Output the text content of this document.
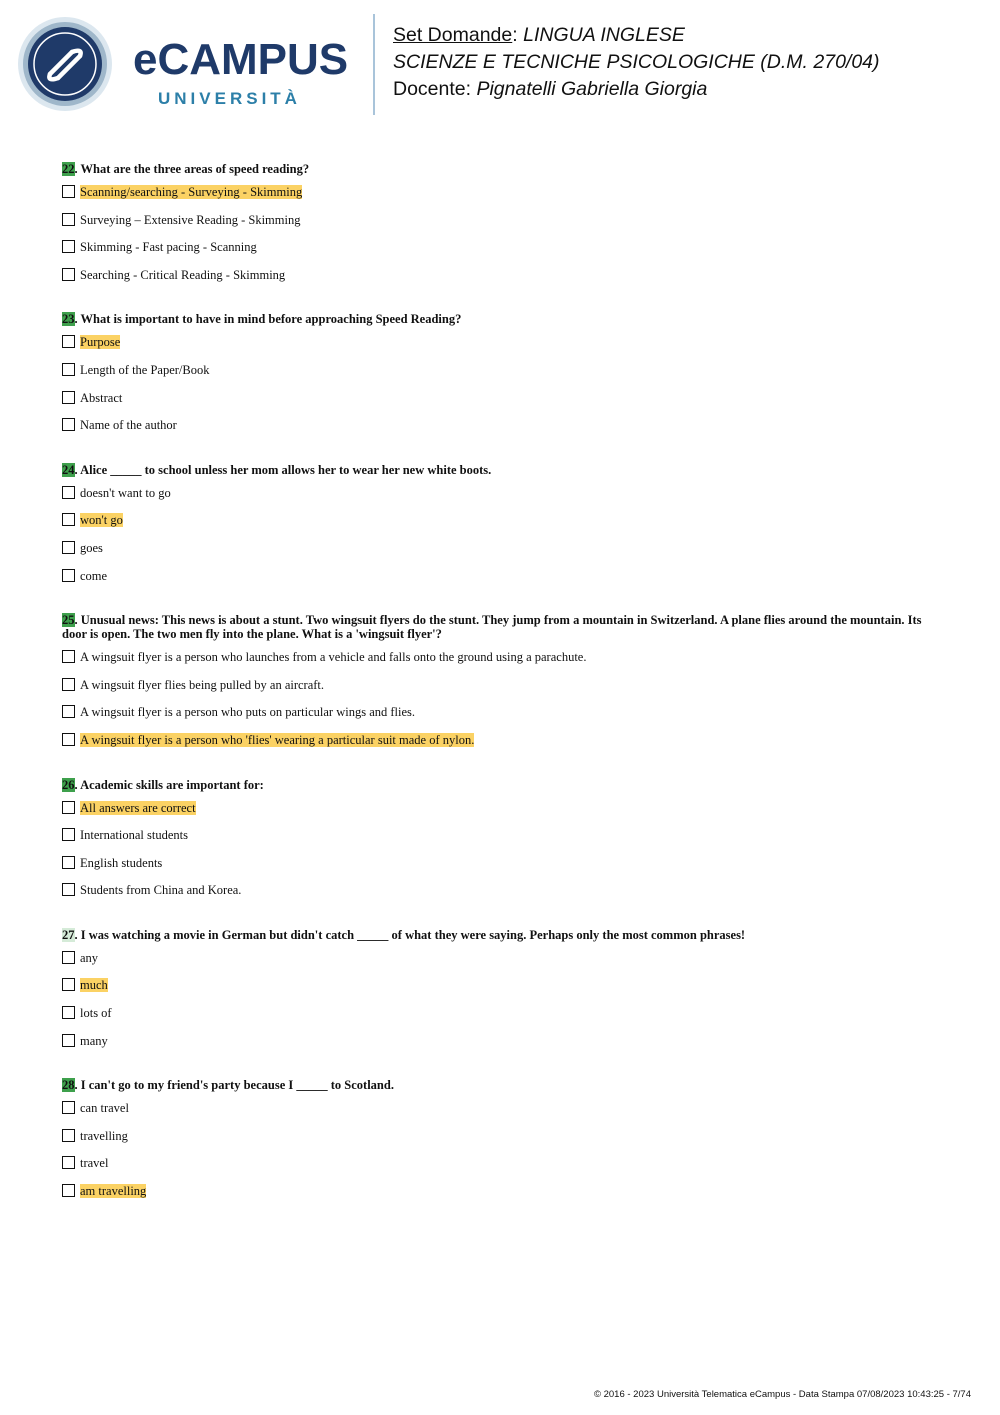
eCAMPUS
UNIVERSITÀ
Set Domande: LINGUA INGLESE
SCIENZE E TECNICHE PSICOLOGICHE (D.M. 270/04)
Docente: Pignatelli Gabriella Giorgia
22. What are the three areas of speed reading?
Scanning/searching - Surveying - Skimming
Surveying – Extensive Reading - Skimming
Skimming - Fast pacing - Scanning
Searching - Critical Reading - Skimming
23. What is important to have in mind before approaching Speed Reading?
Purpose
Length of the Paper/Book
Abstract
Name of the author
24. Alice _____ to school unless her mom allows her to wear her new white boots.
doesn't want to go
won't go
goes
come
25. Unusual news: This news is about a stunt. Two wingsuit flyers do the stunt. They jump from a mountain in Switzerland. A plane flies around the mountain. Its door is open. The two men fly into the plane. What is a 'wingsuit flyer'?
A wingsuit flyer is a person who launches from a vehicle and falls onto the ground using a parachute.
A wingsuit flyer flies being pulled by an aircraft.
A wingsuit flyer is a person who puts on particular wings and flies.
A wingsuit flyer is a person who 'flies' wearing a particular suit made of nylon.
26. Academic skills are important for:
All answers are correct
International students
English students
Students from China and Korea.
27. I was watching a movie in German but didn't catch _____ of what they were saying. Perhaps only the most common phrases!
any
much
lots of
many
28. I can't go to my friend's party because I _____ to Scotland.
can travel
travelling
travel
am travelling
© 2016 - 2023 Università Telematica eCampus - Data Stampa 07/08/2023 10:43:25 - 7/74
